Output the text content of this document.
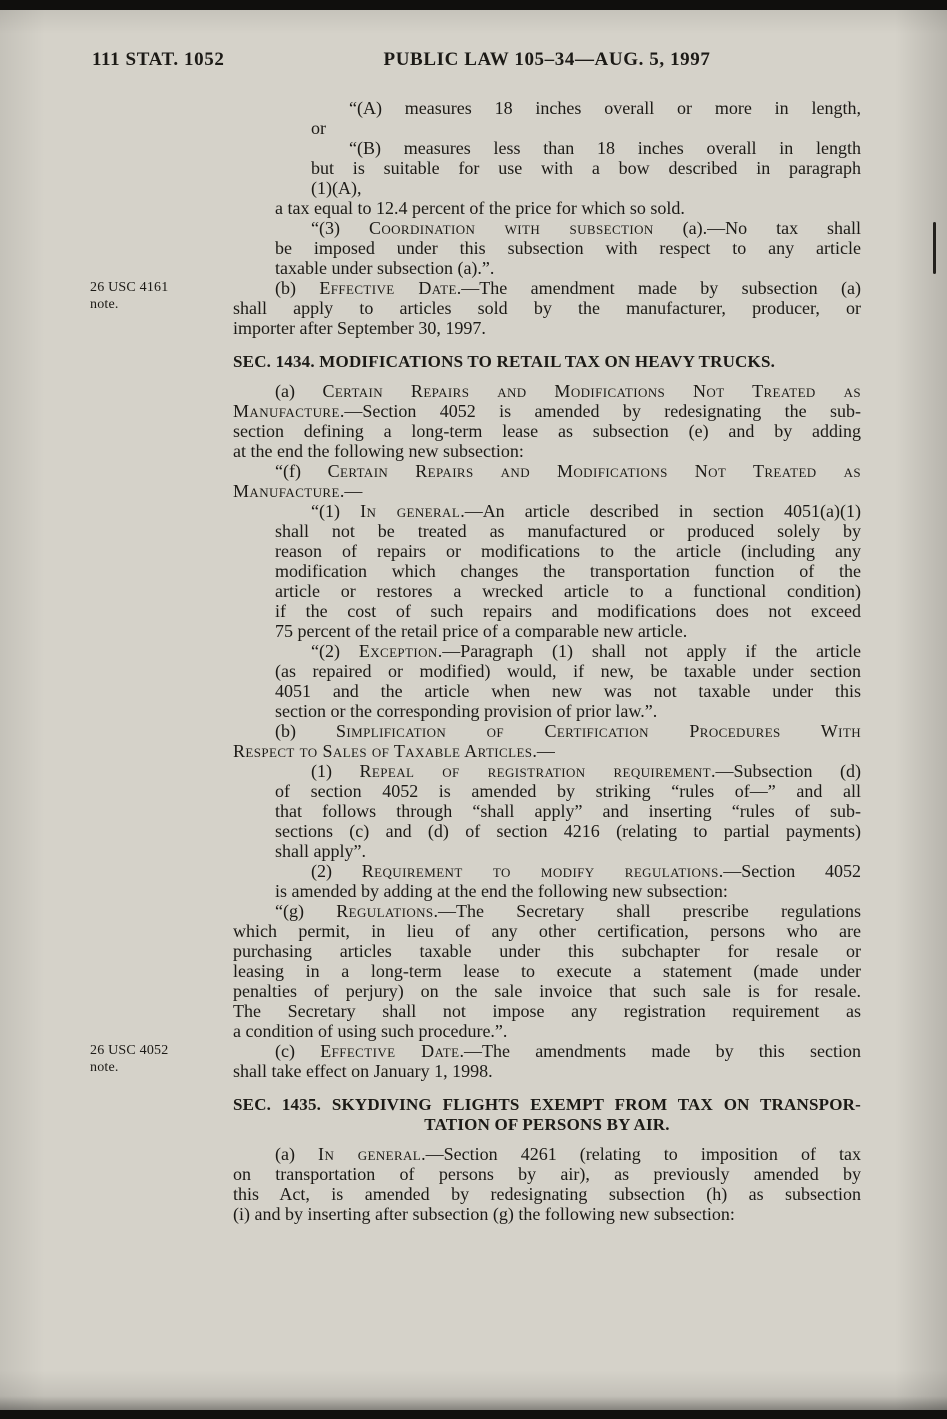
111 STAT. 1052	PUBLIC LAW 105–34—AUG. 5, 1997
“(A) measures 18 inches overall or more in length,
or
“(B) measures less than 18 inches overall in length
but is suitable for use with a bow described in paragraph
(1)(A),
a tax equal to 12.4 percent of the price for which so sold.
“(3) Coordination with subsection (a).—No tax shall
be imposed under this subsection with respect to any article
taxable under subsection (a).”.
26 USC 4161 note.
(b) Effective Date.—The amendment made by subsection (a)
shall apply to articles sold by the manufacturer, producer, or
importer after September 30, 1997.
SEC. 1434. MODIFICATIONS TO RETAIL TAX ON HEAVY TRUCKS.
(a) Certain Repairs and Modifications Not Treated as
Manufacture.—Section 4052 is amended by redesignating the sub-
section defining a long-term lease as subsection (e) and by adding
at the end the following new subsection:
“(f) Certain Repairs and Modifications Not Treated as
Manufacture.—
“(1) In general.—An article described in section 4051(a)(1)
shall not be treated as manufactured or produced solely by
reason of repairs or modifications to the article (including any
modification which changes the transportation function of the
article or restores a wrecked article to a functional condition)
if the cost of such repairs and modifications does not exceed
75 percent of the retail price of a comparable new article.
“(2) Exception.—Paragraph (1) shall not apply if the article
(as repaired or modified) would, if new, be taxable under section
4051 and the article when new was not taxable under this
section or the corresponding provision of prior law.”.
(b) Simplification of Certification Procedures With
Respect to Sales of Taxable Articles.—
(1) Repeal of registration requirement.—Subsection (d)
of section 4052 is amended by striking “rules of—” and all
that follows through “shall apply” and inserting “rules of sub-
sections (c) and (d) of section 4216 (relating to partial payments)
shall apply”.
(2) Requirement to modify regulations.—Section 4052
is amended by adding at the end the following new subsection:
“(g) Regulations.—The Secretary shall prescribe regulations
which permit, in lieu of any other certification, persons who are
purchasing articles taxable under this subchapter for resale or
leasing in a long-term lease to execute a statement (made under
penalties of perjury) on the sale invoice that such sale is for resale.
The Secretary shall not impose any registration requirement as
a condition of using such procedure.”.
26 USC 4052 note.
(c) Effective Date.—The amendments made by this section
shall take effect on January 1, 1998.
SEC. 1435. SKYDIVING FLIGHTS EXEMPT FROM TAX ON TRANSPOR-
TATION OF PERSONS BY AIR.
(a) In general.—Section 4261 (relating to imposition of tax
on transportation of persons by air), as previously amended by
this Act, is amended by redesignating subsection (h) as subsection
(i) and by inserting after subsection (g) the following new subsection:
